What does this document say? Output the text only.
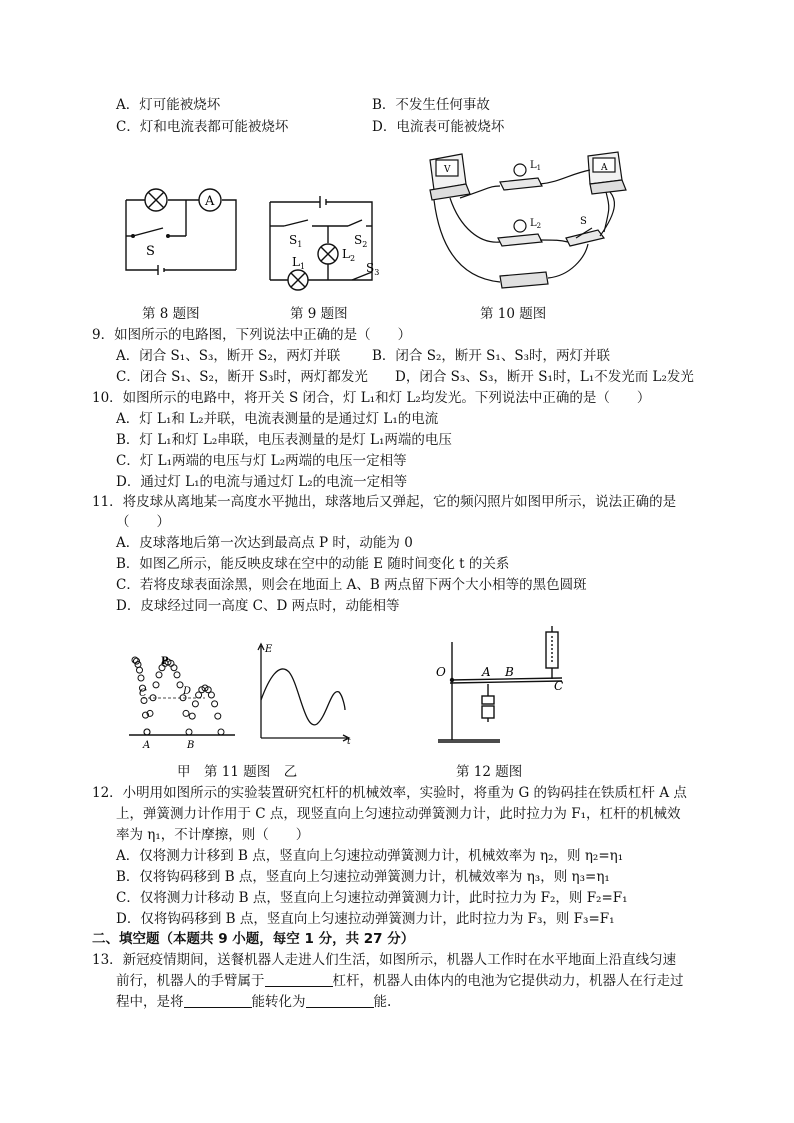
A．灯可能被烧坏	B．不发生任何事故
C．灯和电流表都可能被烧坏	D．电流表可能被烧坏
A
S
$S_1$	$S_2$
$L_2$
$L_1$	$S_3$
V	A
$L_1$
$L_2$	S
第 8 题图	第 9 题图	第 10 题图
9．如图所示的电路图，下列说法中正确的是（　　）
A．闭合 S₁、S₃，断开 S₂，两灯并联 B．闭合 S₂，断开 S₁、S₃时，两灯并联
C．闭合 S₁、S₂，断开 S₃时，两灯都发光 D，闭合 S₃、S₃，断开 S₁时，L₁不发光而 L₂发光
10．如图所示的电路中，将开关 S 闭合，灯 L₁和灯 L₂均发光。下列说法中正确的是（　　）
A．灯 L₁和 L₂并联，电流表测量的是通过灯 L₁的电流
B．灯 L₁和灯 L₂串联，电压表测量的是灯 L₁两端的电压
C．灯 L₁两端的电压与灯 L₂两端的电压一定相等
D．通过灯 L₁的电流与通过灯 L₂的电流一定相等
11．将皮球从离地某一高度水平抛出，球落地后又弹起，它的频闪照片如图甲所示，说法正确的是
（　　）
A．皮球落地后第一次达到最高点 P 时，动能为 0
B．如图乙所示，能反映皮球在空中的动能 E 随时间变化 t 的关系
C．若将皮球表面涂黑，则会在地面上 A、B 两点留下两个大小相等的黑色圆斑
D．皮球经过同一高度 C、D 两点时，动能相等
P
C	D
A	B
E
t
O	A B
C
甲　第 11 题图　乙	第 12 题图
12．小明用如图所示的实验装置研究杠杆的机械效率，实验时，将重为 G 的钩码挂在铁质杠杆 A 点
上，弹簧测力计作用于 C 点，现竖直向上匀速拉动弹簧测力计，此时拉力为 F₁，杠杆的机械效
率为 η₁，不计摩擦，则（　　）
A．仅将测力计移到 B 点，竖直向上匀速拉动弹簧测力计，机械效率为 η₂，则 η₂=η₁
B．仅将钩码移到 B 点，竖直向上匀速拉动弹簧测力计，机械效率为 η₃，则 η₃=η₁
C．仅将测力计移动 B 点，竖直向上匀速拉动弹簧测力计，此时拉力为 F₂，则 F₂=F₁
D．仅将钩码移到 B 点，竖直向上匀速拉动弹簧测力计，此时拉力为 F₃，则 F₃=F₁
二、填空题（本题共 9 小题，每空 1 分，共 27 分）
13．新冠疫情期间，送餐机器人走进人们生活，如图所示，机器人工作时在水平地面上沿直线匀速
前行，机器人的手臂属于	杠杆，机器人由体内的电池为它提供动力，机器人在行走过
程中，是将	能转化为	能.
